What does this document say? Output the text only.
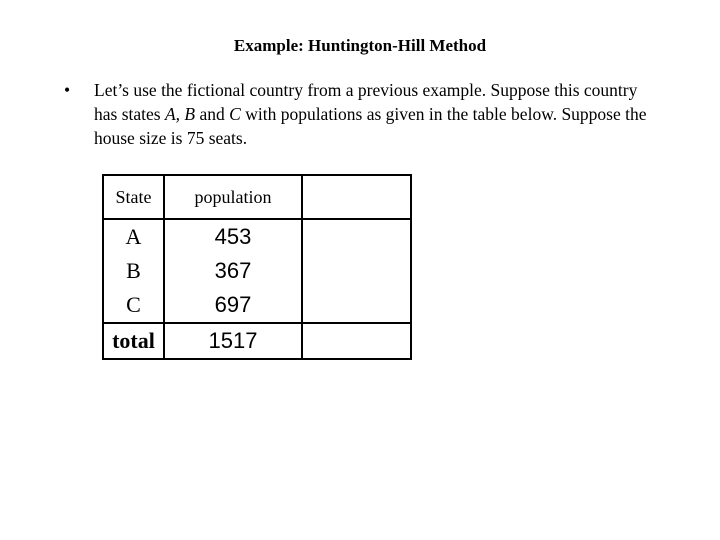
Example: Huntington-Hill Method
• Let’s use the fictional country from a previous example. Suppose this country has states A, B and C with populations as given in the table below. Suppose the house size is 75 seats.
State	population	
A	453	
B	367	
C	697	
total	1517	
